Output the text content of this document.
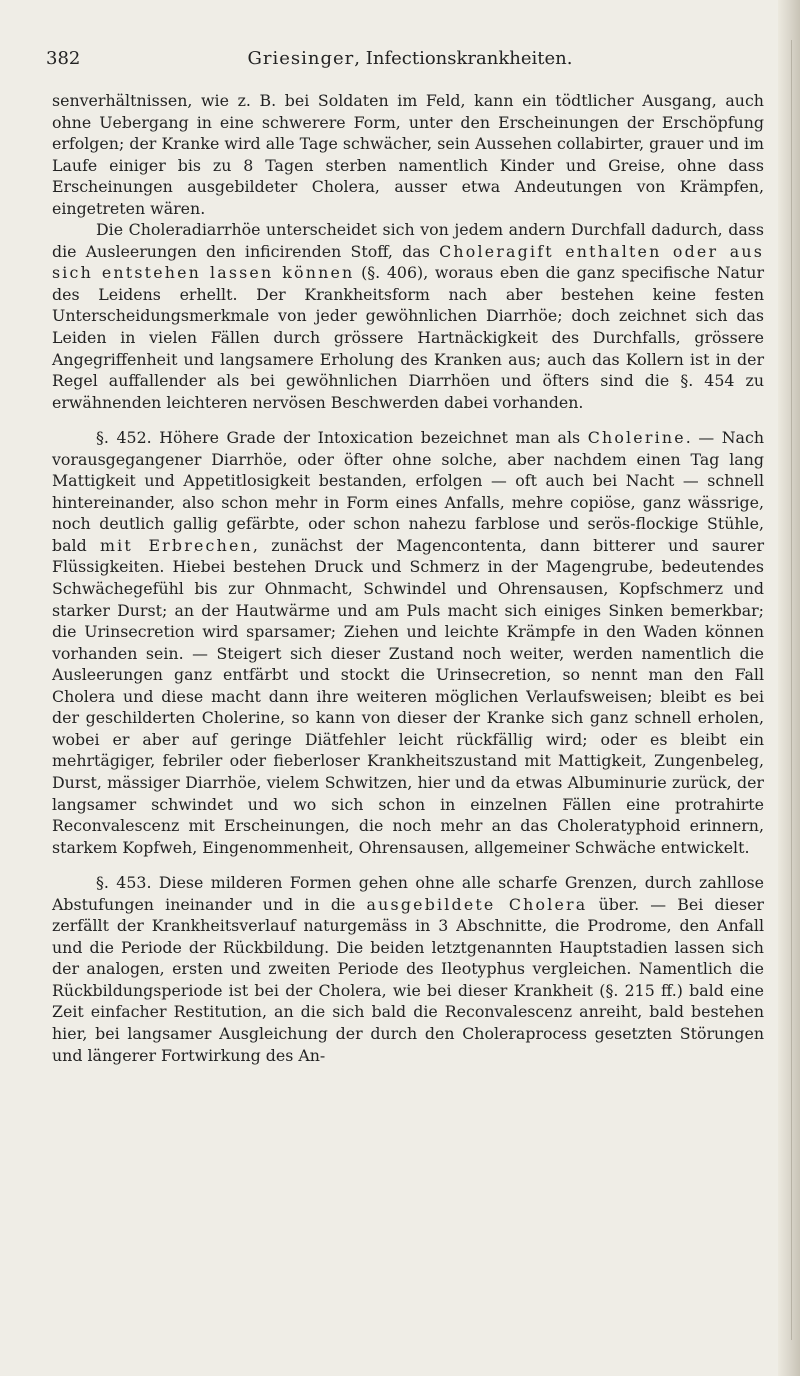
382	Griesinger, Infectionskrankheiten.

senverhältnissen, wie z. B. bei Soldaten im Feld, kann ein tödtlicher Ausgang, auch ohne Uebergang in eine schwerere Form, unter den Erscheinungen der Erschöpfung erfolgen; der Kranke wird alle Tage schwächer, sein Aussehen collabirter, grauer und im Laufe einiger bis zu 8 Tagen sterben namentlich Kinder und Greise, ohne dass Erscheinungen ausgebildeter Cholera, ausser etwa Andeutungen von Krämpfen, eingetreten wären.

Die Choleradiarrhöe unterscheidet sich von jedem andern Durchfall dadurch, dass die Ausleerungen den inficirenden Stoff, das Choleragift enthalten oder aus sich entstehen lassen können (§. 406), woraus eben die ganz specifische Natur des Leidens erhellt. Der Krankheitsform nach aber bestehen keine festen Unterscheidungsmerkmale von jeder gewöhnlichen Diarrhöe; doch zeichnet sich das Leiden in vielen Fällen durch grössere Hartnäckigkeit des Durchfalls, grössere Angegriffenheit und langsamere Erholung des Kranken aus; auch das Kollern ist in der Regel auffallender als bei gewöhnlichen Diarrhöen und öfters sind die §. 454 zu erwähnenden leichteren nervösen Beschwerden dabei vorhanden.

§. 452. Höhere Grade der Intoxication bezeichnet man als Cholerine. — Nach vorausgegangener Diarrhöe, oder öfter ohne solche, aber nachdem einen Tag lang Mattigkeit und Appetitlosigkeit bestanden, erfolgen — oft auch bei Nacht — schnell hintereinander, also schon mehr in Form eines Anfalls, mehre copiöse, ganz wässrige, noch deutlich gallig gefärbte, oder schon nahezu farblose und serös-flockige Stühle, bald mit Erbrechen, zunächst der Magencontenta, dann bitterer und saurer Flüssigkeiten. Hiebei bestehen Druck und Schmerz in der Magengrube, bedeutendes Schwächegefühl bis zur Ohnmacht, Schwindel und Ohrensausen, Kopfschmerz und starker Durst; an der Hautwärme und am Puls macht sich einiges Sinken bemerkbar; die Urinsecretion wird sparsamer; Ziehen und leichte Krämpfe in den Waden können vorhanden sein. — Steigert sich dieser Zustand noch weiter, werden namentlich die Ausleerungen ganz entfärbt und stockt die Urinsecretion, so nennt man den Fall Cholera und diese macht dann ihre weiteren möglichen Verlaufsweisen; bleibt es bei der geschilderten Cholerine, so kann von dieser der Kranke sich ganz schnell erholen, wobei er aber auf geringe Diätfehler leicht rückfällig wird; oder es bleibt ein mehrtägiger, febriler oder fieberloser Krankheitszustand mit Mattigkeit, Zungenbeleg, Durst, mässiger Diarrhöe, vielem Schwitzen, hier und da etwas Albuminurie zurück, der langsamer schwindet und wo sich schon in einzelnen Fällen eine protrahirte Reconvalescenz mit Erscheinungen, die noch mehr an das Choleratyphoid erinnern, starkem Kopfweh, Eingenommenheit, Ohrensausen, allgemeiner Schwäche entwickelt.

§. 453. Diese milderen Formen gehen ohne alle scharfe Grenzen, durch zahllose Abstufungen ineinander und in die ausgebildete Cholera über. — Bei dieser zerfällt der Krankheitsverlauf naturgemäss in 3 Abschnitte, die Prodrome, den Anfall und die Periode der Rückbildung. Die beiden letztgenannten Hauptstadien lassen sich der analogen, ersten und zweiten Periode des Ileotyphus vergleichen. Namentlich die Rückbildungsperiode ist bei der Cholera, wie bei dieser Krankheit (§. 215 ff.) bald eine Zeit einfacher Restitution, an die sich bald die Reconvalescenz anreiht, bald bestehen hier, bei langsamer Ausgleichung der durch den Choleraprocess gesetzten Störungen und längerer Fortwirkung des An-
